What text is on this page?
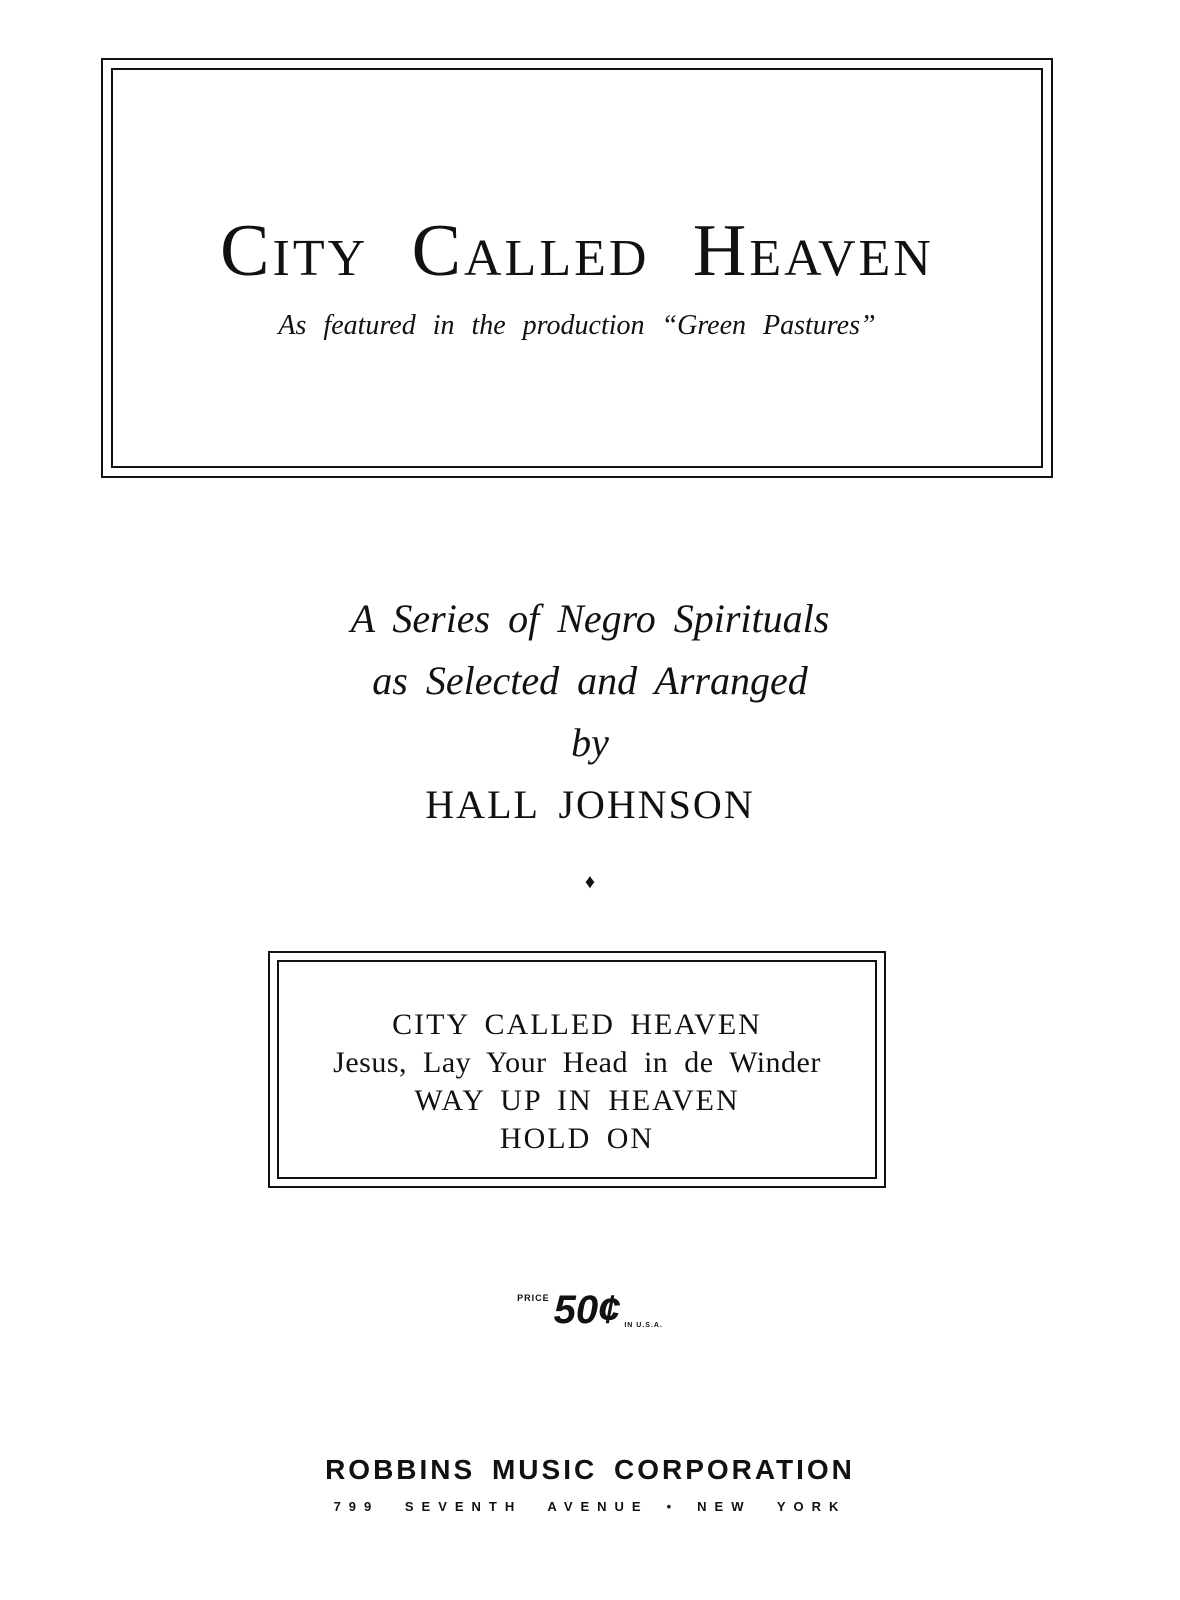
City Called Heaven

As featured in the production “Green Pastures”

A Series of Negro Spirituals

as Selected and Arranged

by

HALL JOHNSON

♦
CITY CALLED HEAVEN
Jesus, Lay Your Head in de Winder
WAY UP IN HEAVEN
HOLD ON
$^{PRICE}$ 50¢ $_{IN U.S.A.}$

ROBBINS MUSIC CORPORATION

799 SEVENTH AVENUE • NEW YORK
